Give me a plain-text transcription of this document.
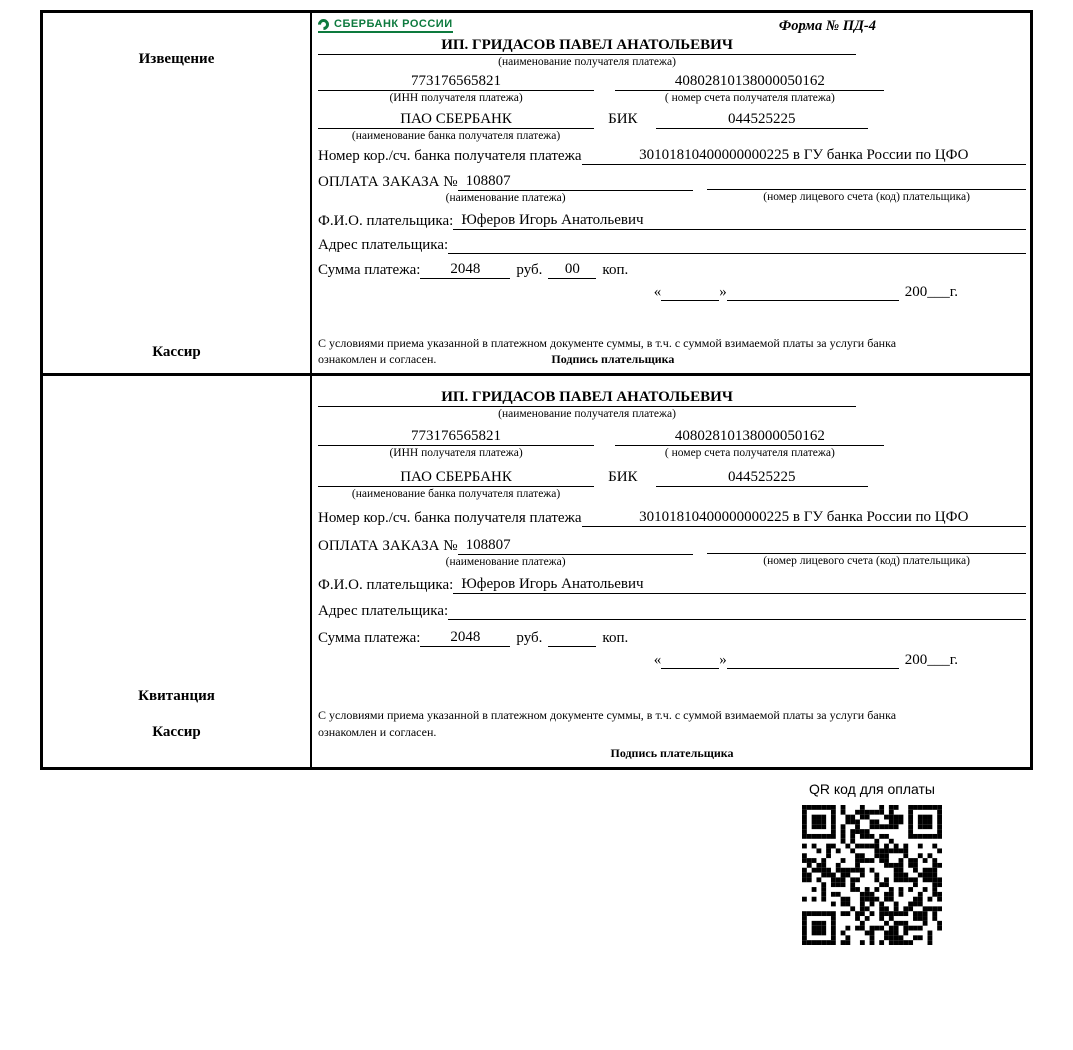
Извещение
Кассир
СБЕРБАНК РОССИИ	Форма № ПД-4
ИП. ГРИДАСОВ ПАВЕЛ АНАТОЛЬЕВИЧ
(наименование получателя платежа)
773176565821
(ИНН получателя платежа)
40802810138000050162
( номер счета получателя платежа)
ПАО СБЕРБАНК
(наименование банка получателя платежа)
БИК	044525225
Номер кор./сч. банка получателя платежа	30101810400000000225 в ГУ банка России по ЦФО
ОПЛАТА ЗАКАЗА № 108807
(наименование платежа)	(номер лицевого счета (код) плательщика)
Ф.И.О. плательщика: Юферов Игорь Анатольевич
Адрес плательщика:
Сумма платежа:	2048	руб.	00	коп.
«	»	200___г.
С условиями приема указанной в платежном документе суммы, в т.ч. с суммой взимаемой платы за услуги банка
ознакомлен и согласен.	Подпись плательщика
Квитанция
Кассир
ИП. ГРИДАСОВ ПАВЕЛ АНАТОЛЬЕВИЧ
(наименование получателя платежа)
773176565821
(ИНН получателя платежа)
40802810138000050162
( номер счета получателя платежа)
ПАО СБЕРБАНК
(наименование банка получателя платежа)
БИК	044525225
Номер кор./сч. банка получателя платежа	30101810400000000225 в ГУ банка России по ЦФО
ОПЛАТА ЗАКАЗА № 108807
(наименование платежа)	(номер лицевого счета (код) плательщика)
Ф.И.О. плательщика: Юферов Игорь Анатольевич
Адрес плательщика:
Сумма платежа:	2048	руб.	коп.
«	»	200___г.
С условиями приема указанной в платежном документе суммы, в т.ч. с суммой взимаемой платы за услуги банка
ознакомлен и согласен.
Подпись плательщика
QR код для оплаты
